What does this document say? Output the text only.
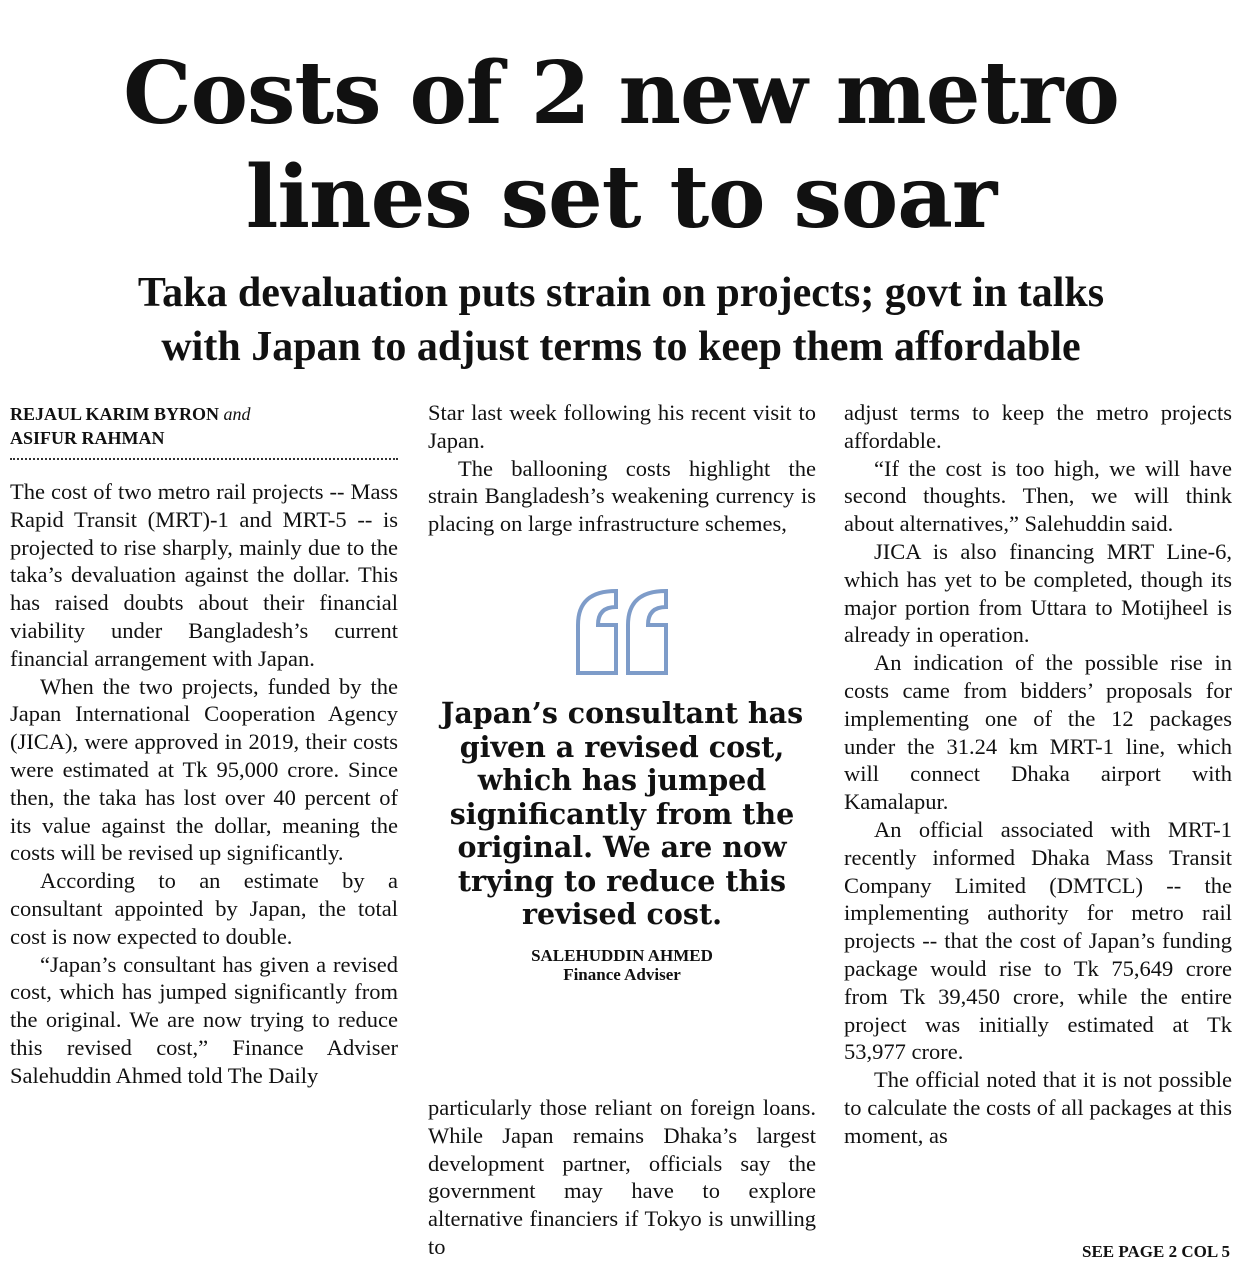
Costs of 2 new metro
lines set to soar
Taka devaluation puts strain on projects; govt in talks
with Japan to adjust terms to keep them affordable
REJAUL KARIM BYRON and
ASIFUR RAHMAN

The cost of two metro rail projects -- Mass Rapid Transit (MRT)-1 and MRT-5 -- is projected to rise sharply, mainly due to the taka’s devaluation against the dollar. This has raised doubts about their financial viability under Bangladesh’s current financial arrangement with Japan.

When the two projects, funded by the Japan International Cooperation Agency (JICA), were approved in 2019, their costs were estimated at Tk 95,000 crore. Since then, the taka has lost over 40 percent of its value against the dollar, meaning the costs will be revised up significantly.

According to an estimate by a consultant appointed by Japan, the total cost is now expected to double.

“Japan’s consultant has given a revised cost, which has jumped significantly from the original. We are now trying to reduce this revised cost,” Finance Adviser Salehuddin Ahmed told The Daily

Star last week following his recent visit to Japan.

The ballooning costs highlight the strain Bangladesh’s weakening currency is placing on large infrastructure schemes,

Japan’s consultant has given a revised cost, which has jumped significantly from the original. We are now trying to reduce this revised cost.
SALEHUDDIN AHMED
Finance Adviser

particularly those reliant on foreign loans. While Japan remains Dhaka’s largest development partner, officials say the government may have to explore alternative financiers if Tokyo is unwilling to

adjust terms to keep the metro projects affordable.

“If the cost is too high, we will have second thoughts. Then, we will think about alternatives,” Salehuddin said.

JICA is also financing MRT Line-6, which has yet to be completed, though its major portion from Uttara to Motijheel is already in operation.

An indication of the possible rise in costs came from bidders’ proposals for implementing one of the 12 packages under the 31.24 km MRT-1 line, which will connect Dhaka airport with Kamalapur.

An official associated with MRT-1 recently informed Dhaka Mass Transit Company Limited (DMTCL) -- the implementing authority for metro rail projects -- that the cost of Japan’s funding package would rise to Tk 75,649 crore from Tk 39,450 crore, while the entire project was initially estimated at Tk 53,977 crore.

The official noted that it is not possible to calculate the costs of all packages at this moment, as

SEE PAGE 2 COL 5
